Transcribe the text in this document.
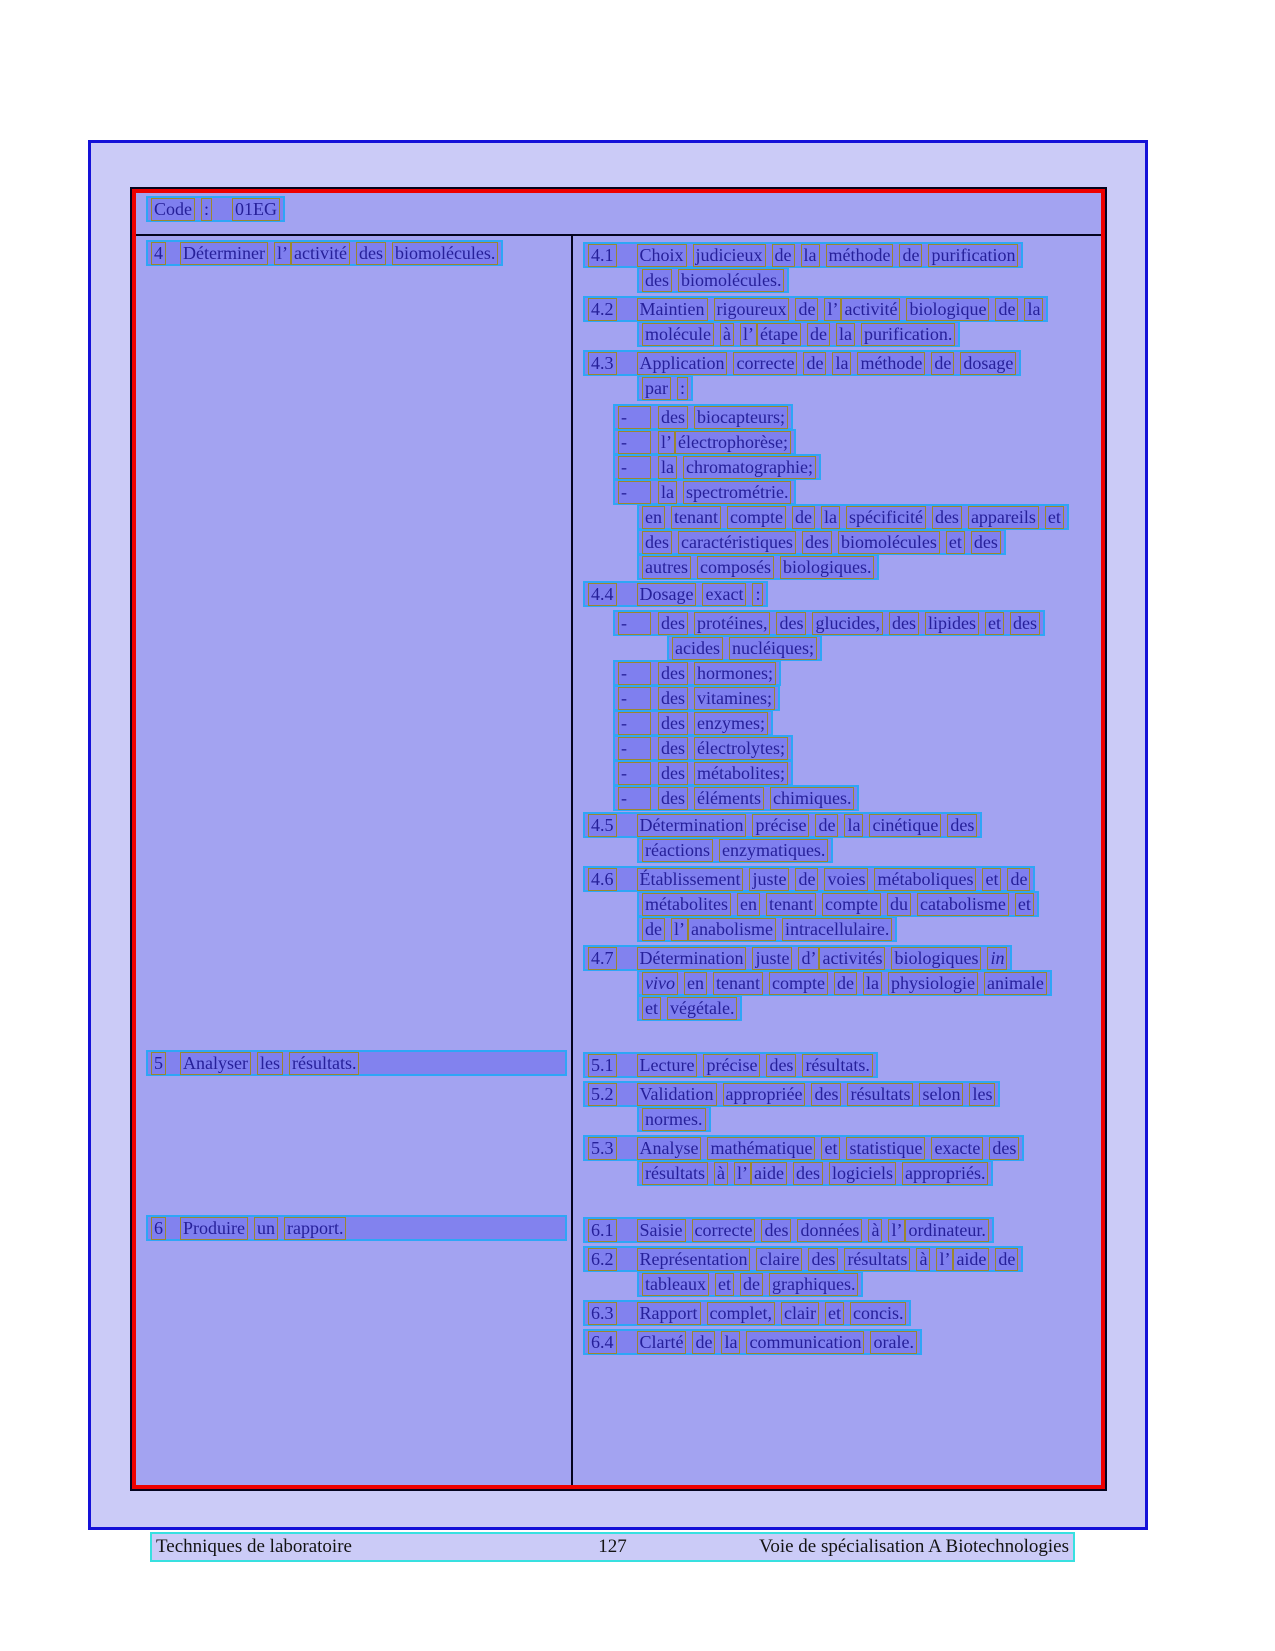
Code : 01EG
4 Déterminer l’ activité des biomolécules.	4.1 Choix judicieux de la méthode de purification
des biomolécules.
4.2 Maintien rigoureux de l’ activité biologique de la
molécule à l’ étape de la purification.
4.3 Application correcte de la méthode de dosage
par :
-	des biocapteurs;
-	l’ électrophorèse;
-	la chromatographie;
-	la spectrométrie.
en tenant compte de la spécificité des appareils et
des caractéristiques des biomolécules et des
autres composés biologiques.
4.4 Dosage exact :
-	des protéines, des glucides, des lipides et des
acides nucléiques;
-	des hormones;
-	des vitamines;
-	des enzymes;
-	des électrolytes;
-	des métabolites;
-	des éléments chimiques.
4.5 Détermination précise de la cinétique des
réactions enzymatiques.
4.6 Établissement juste de voies métaboliques et de
métabolites en tenant compte du catabolisme et
de l’ anabolisme intracellulaire.
4.7 Détermination juste d’ activités biologiques in
vivo en tenant compte de la physiologie animale
et végétale.
5 Analyser les résultats.	5.1 Lecture précise des résultats.
5.2 Validation appropriée des résultats selon les
normes.
5.3 Analyse mathématique et statistique exacte des
résultats à l’ aide des logiciels appropriés.
6 Produire un rapport.	6.1 Saisie correcte des données à l’ ordinateur.
6.2 Représentation claire des résultats à l’ aide de
tableaux et de graphiques.
6.3 Rapport complet, clair et concis.
6.4 Clarté de la communication orale.
Techniques de laboratoire	127	Voie de spécialisation A Biotechnologies
